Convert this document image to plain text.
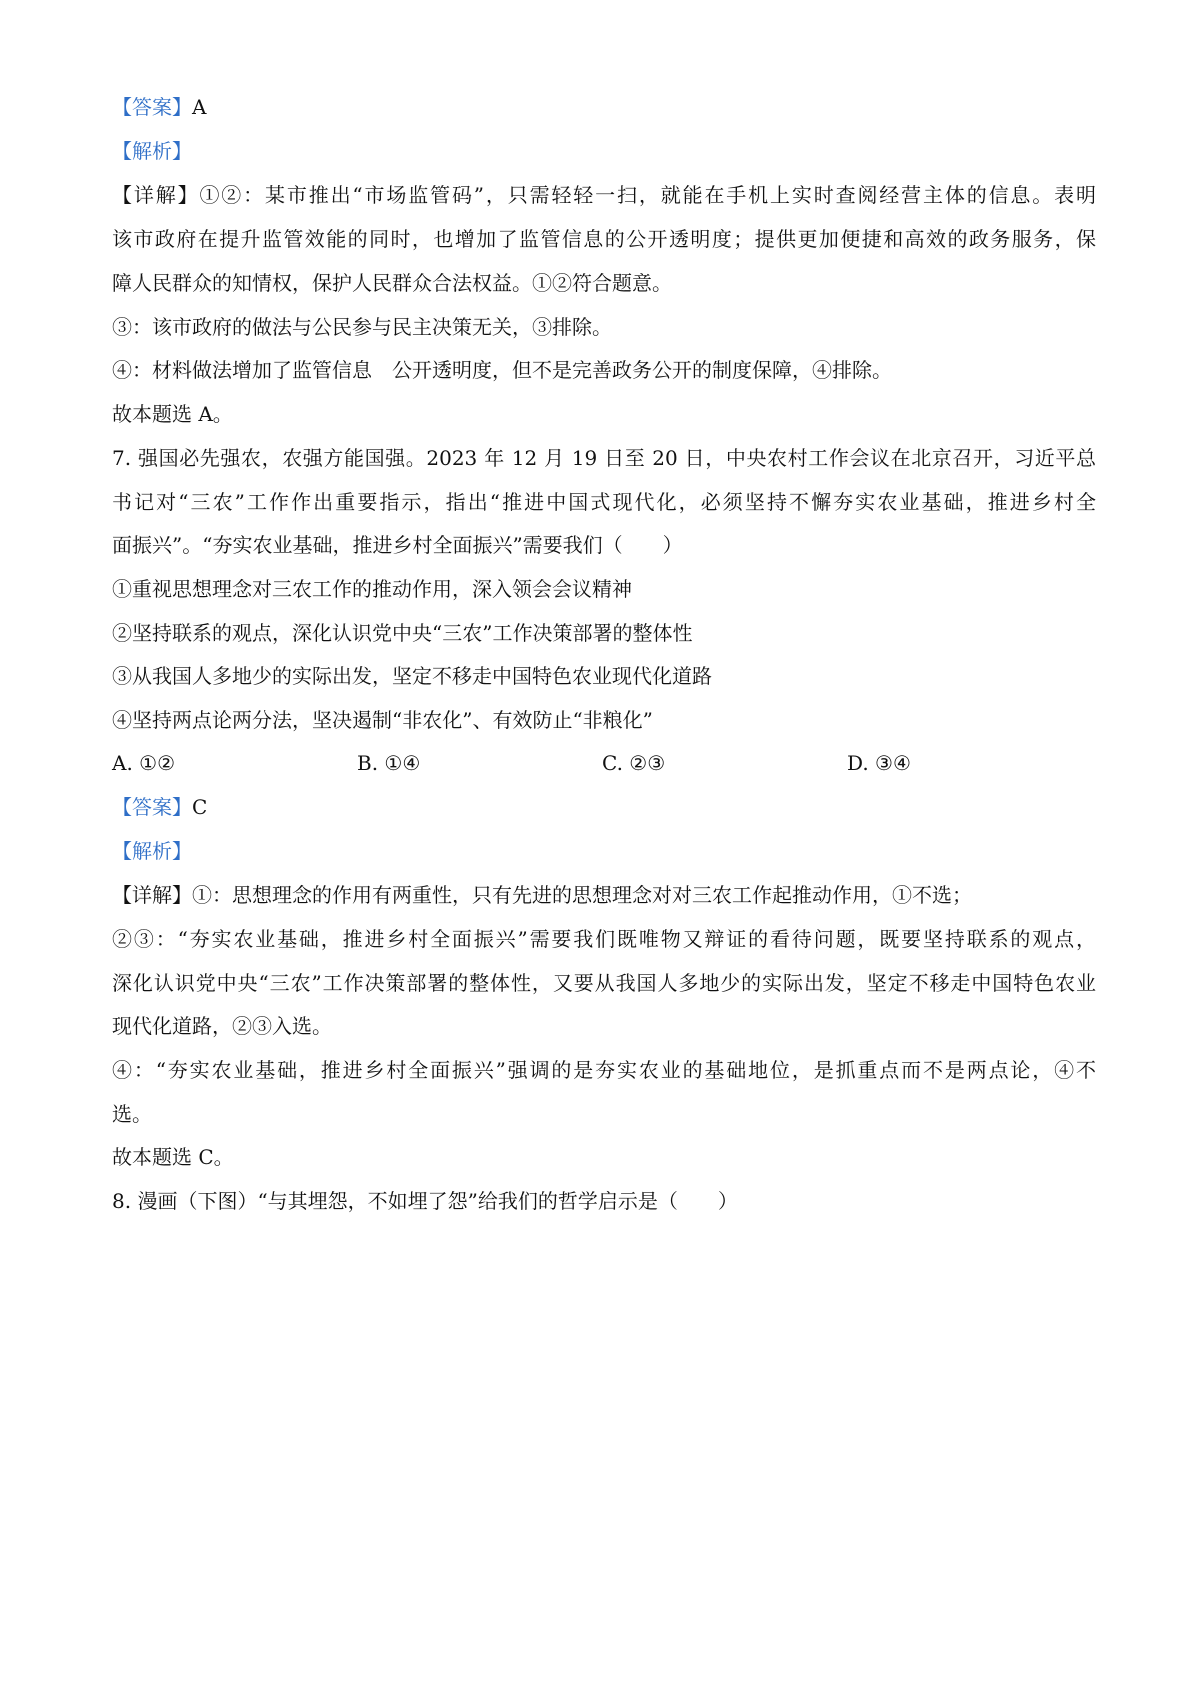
【答案】A
【解析】
【详解】①②：某市推出“市场监管码”，只需轻轻一扫，就能在手机上实时查阅经营主体的信息。表明
该市政府在提升监管效能的同时，也增加了监管信息的公开透明度；提供更加便捷和高效的政务服务，保
障人民群众的知情权，保护人民群众合法权益。①②符合题意。
③：该市政府的做法与公民参与民主决策无关，③排除。
④：材料做法增加了监管信息　公开透明度，但不是完善政务公开的制度保障，④排除。
故本题选 A。
7. 强国必先强农，农强方能国强。2023 年 12 月 19 日至 20 日，中央农村工作会议在北京召开，习近平总
书记对“三农”工作作出重要指示，指出“推进中国式现代化，必须坚持不懈夯实农业基础，推进乡村全
面振兴”。“夯实农业基础，推进乡村全面振兴”需要我们（　　）
①重视思想理念对三农工作的推动作用，深入领会会议精神
②坚持联系的观点，深化认识党中央“三农”工作决策部署的整体性
③从我国人多地少的实际出发，坚定不移走中国特色农业现代化道路
④坚持两点论两分法，坚决遏制“非农化”、有效防止“非粮化”
A. ①②	B. ①④	C. ②③	D. ③④
【答案】C
【解析】
【详解】①：思想理念的作用有两重性，只有先进的思想理念对对三农工作起推动作用，①不选；
②③：“夯实农业基础，推进乡村全面振兴”需要我们既唯物又辩证的看待问题，既要坚持联系的观点，
深化认识党中央“三农”工作决策部署的整体性，又要从我国人多地少的实际出发，坚定不移走中国特色农业
现代化道路，②③入选。
④：“夯实农业基础，推进乡村全面振兴”强调的是夯实农业的基础地位，是抓重点而不是两点论，④不
选。
故本题选 C。
8. 漫画（下图）“与其埋怨，不如埋了怨”给我们的哲学启示是（　　）
